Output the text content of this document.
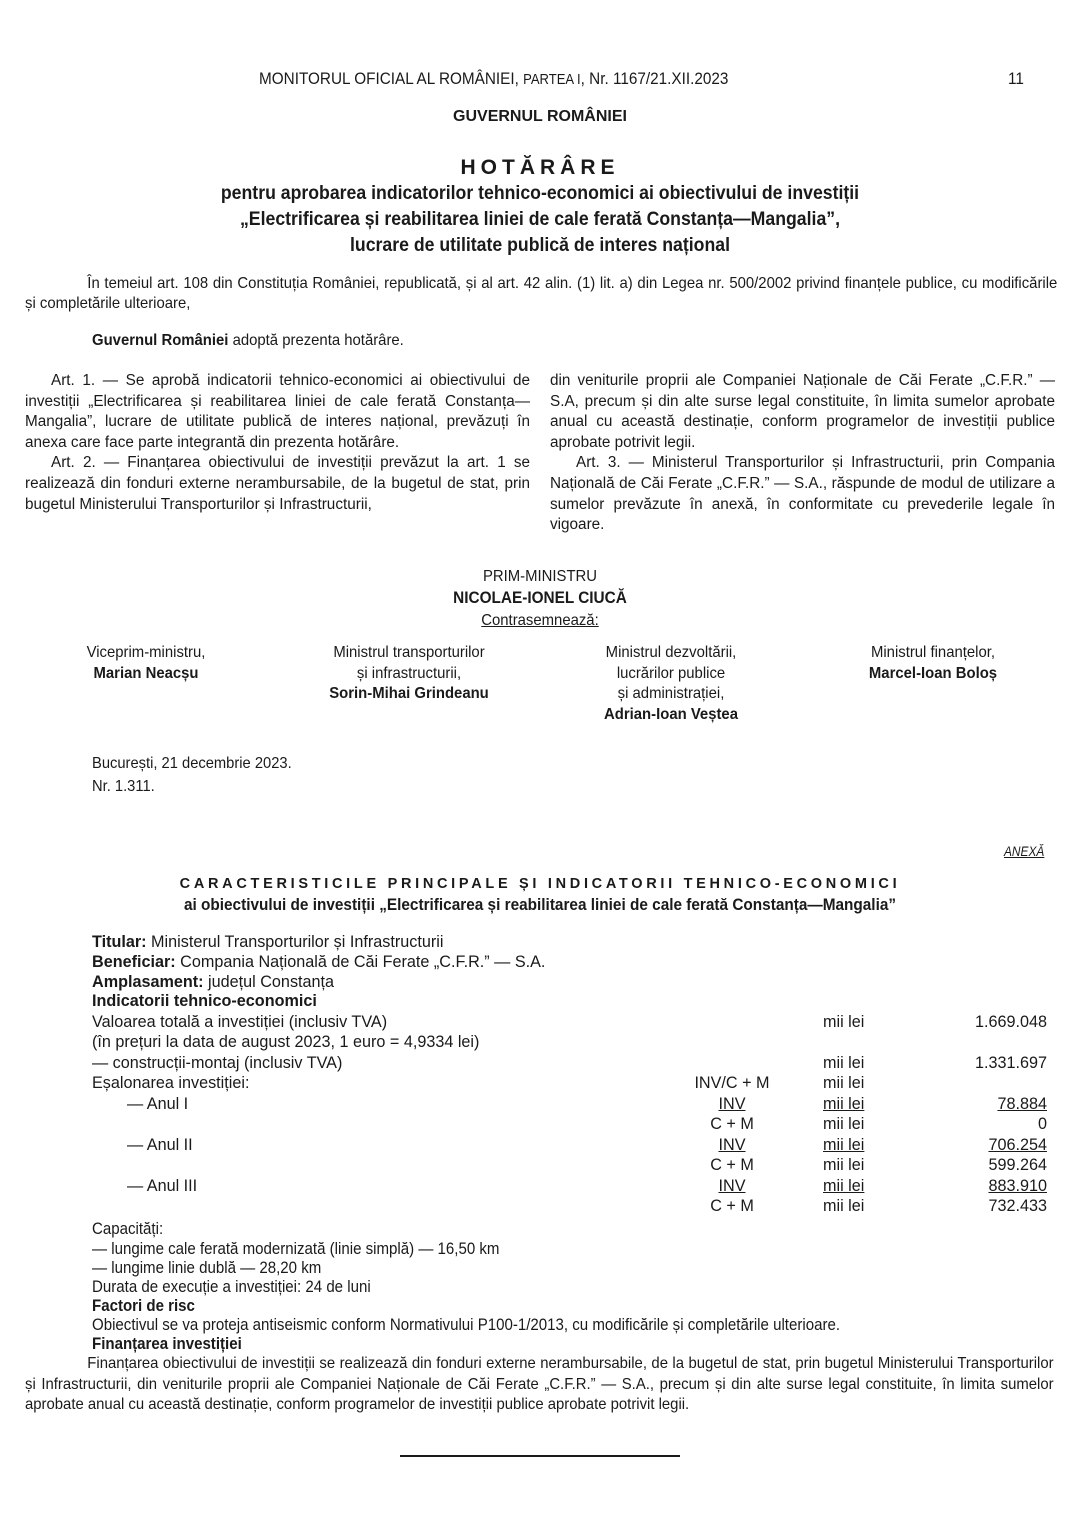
MONITORUL OFICIAL AL ROMÂNIEI, PARTEA I, Nr. 1167/21.XII.2023	11
GUVERNUL ROMÂNIEI
HOTĂRÂRE
pentru aprobarea indicatorilor tehnico-economici ai obiectivului de investiții
„Electrificarea și reabilitarea liniei de cale ferată Constanța—Mangalia”,
lucrare de utilitate publică de interes național
În temeiul art. 108 din Constituția României, republicată, și al art. 42 alin. (1) lit. a) din Legea nr. 500/2002 privind finanțele publice, cu modificările și completările ulterioare,
Guvernul României adoptă prezenta hotărâre.

Art. 1. — Se aprobă indicatorii tehnico-economici ai obiectivului de investiții „Electrificarea și reabilitarea liniei de cale ferată Constanța—Mangalia”, lucrare de utilitate publică de interes național, prevăzuți în anexa care face parte integrantă din prezenta hotărâre.

Art. 2. — Finanțarea obiectivului de investiții prevăzut la art. 1 se realizează din fonduri externe nerambursabile, de la bugetul de stat, prin bugetul Ministerului Transporturilor și Infrastructurii,

din veniturile proprii ale Companiei Naționale de Căi Ferate „C.F.R.” — S.A, precum și din alte surse legal constituite, în limita sumelor aprobate anual cu această destinație, conform programelor de investiții publice aprobate potrivit legii.

Art. 3. — Ministerul Transporturilor și Infrastructurii, prin Compania Națională de Căi Ferate „C.F.R.” — S.A., răspunde de modul de utilizare a sumelor prevăzute în anexă, în conformitate cu prevederile legale în vigoare.

PRIM-MINISTRU
NICOLAE-IONEL CIUCĂ
Contrasemnează:
Viceprim-ministru,
Marian Neacșu
Ministrul transporturilor
și infrastructurii,
Sorin-Mihai Grindeanu
Ministrul dezvoltării,
lucrărilor publice
și administrației,
Adrian-Ioan Veștea
Ministrul finanțelor,
Marcel-Ioan Boloș
București, 21 decembrie 2023.
Nr. 1.311.
ANEXĂ
CARACTERISTICILE PRINCIPALE ȘI INDICATORII TEHNICO-ECONOMICI
ai obiectivului de investiții „Electrificarea și reabilitarea liniei de cale ferată Constanța—Mangalia”
Titular: Ministerul Transporturilor și Infrastructurii
Beneficiar: Compania Națională de Căi Ferate „C.F.R.” — S.A.
Amplasament: județul Constanța
Indicatorii tehnico-economici
Valoarea totală a investiției (inclusiv TVA)	mii lei	1.669.048
(în prețuri la data de august 2023, 1 euro = 4,9334 lei)
— construcții-montaj (inclusiv TVA)	mii lei	1.331.697
Eșalonarea investiției:	INV/C + M	mii lei
— Anul I	INV	mii lei	78.884
C + M	mii lei	0
— Anul II	INV	mii lei	706.254
C + M	mii lei	599.264
— Anul III	INV	mii lei	883.910
C + M	mii lei	732.433
Capacități:
— lungime cale ferată modernizată (linie simplă) — 16,50 km
— lungime linie dublă — 28,20 km
Durata de execuție a investiției: 24 de luni
Factori de risc
Obiectivul se va proteja antiseismic conform Normativului P100-1/2013, cu modificările și completările ulterioare.
Finanțarea investiției
Finanțarea obiectivului de investiții se realizează din fonduri externe nerambursabile, de la bugetul de stat, prin bugetul Ministerului Transporturilor și Infrastructurii, din veniturile proprii ale Companiei Naționale de Căi Ferate „C.F.R.” — S.A., precum și din alte surse legal constituite, în limita sumelor aprobate anual cu această destinație, conform programelor de investiții publice aprobate potrivit legii.
